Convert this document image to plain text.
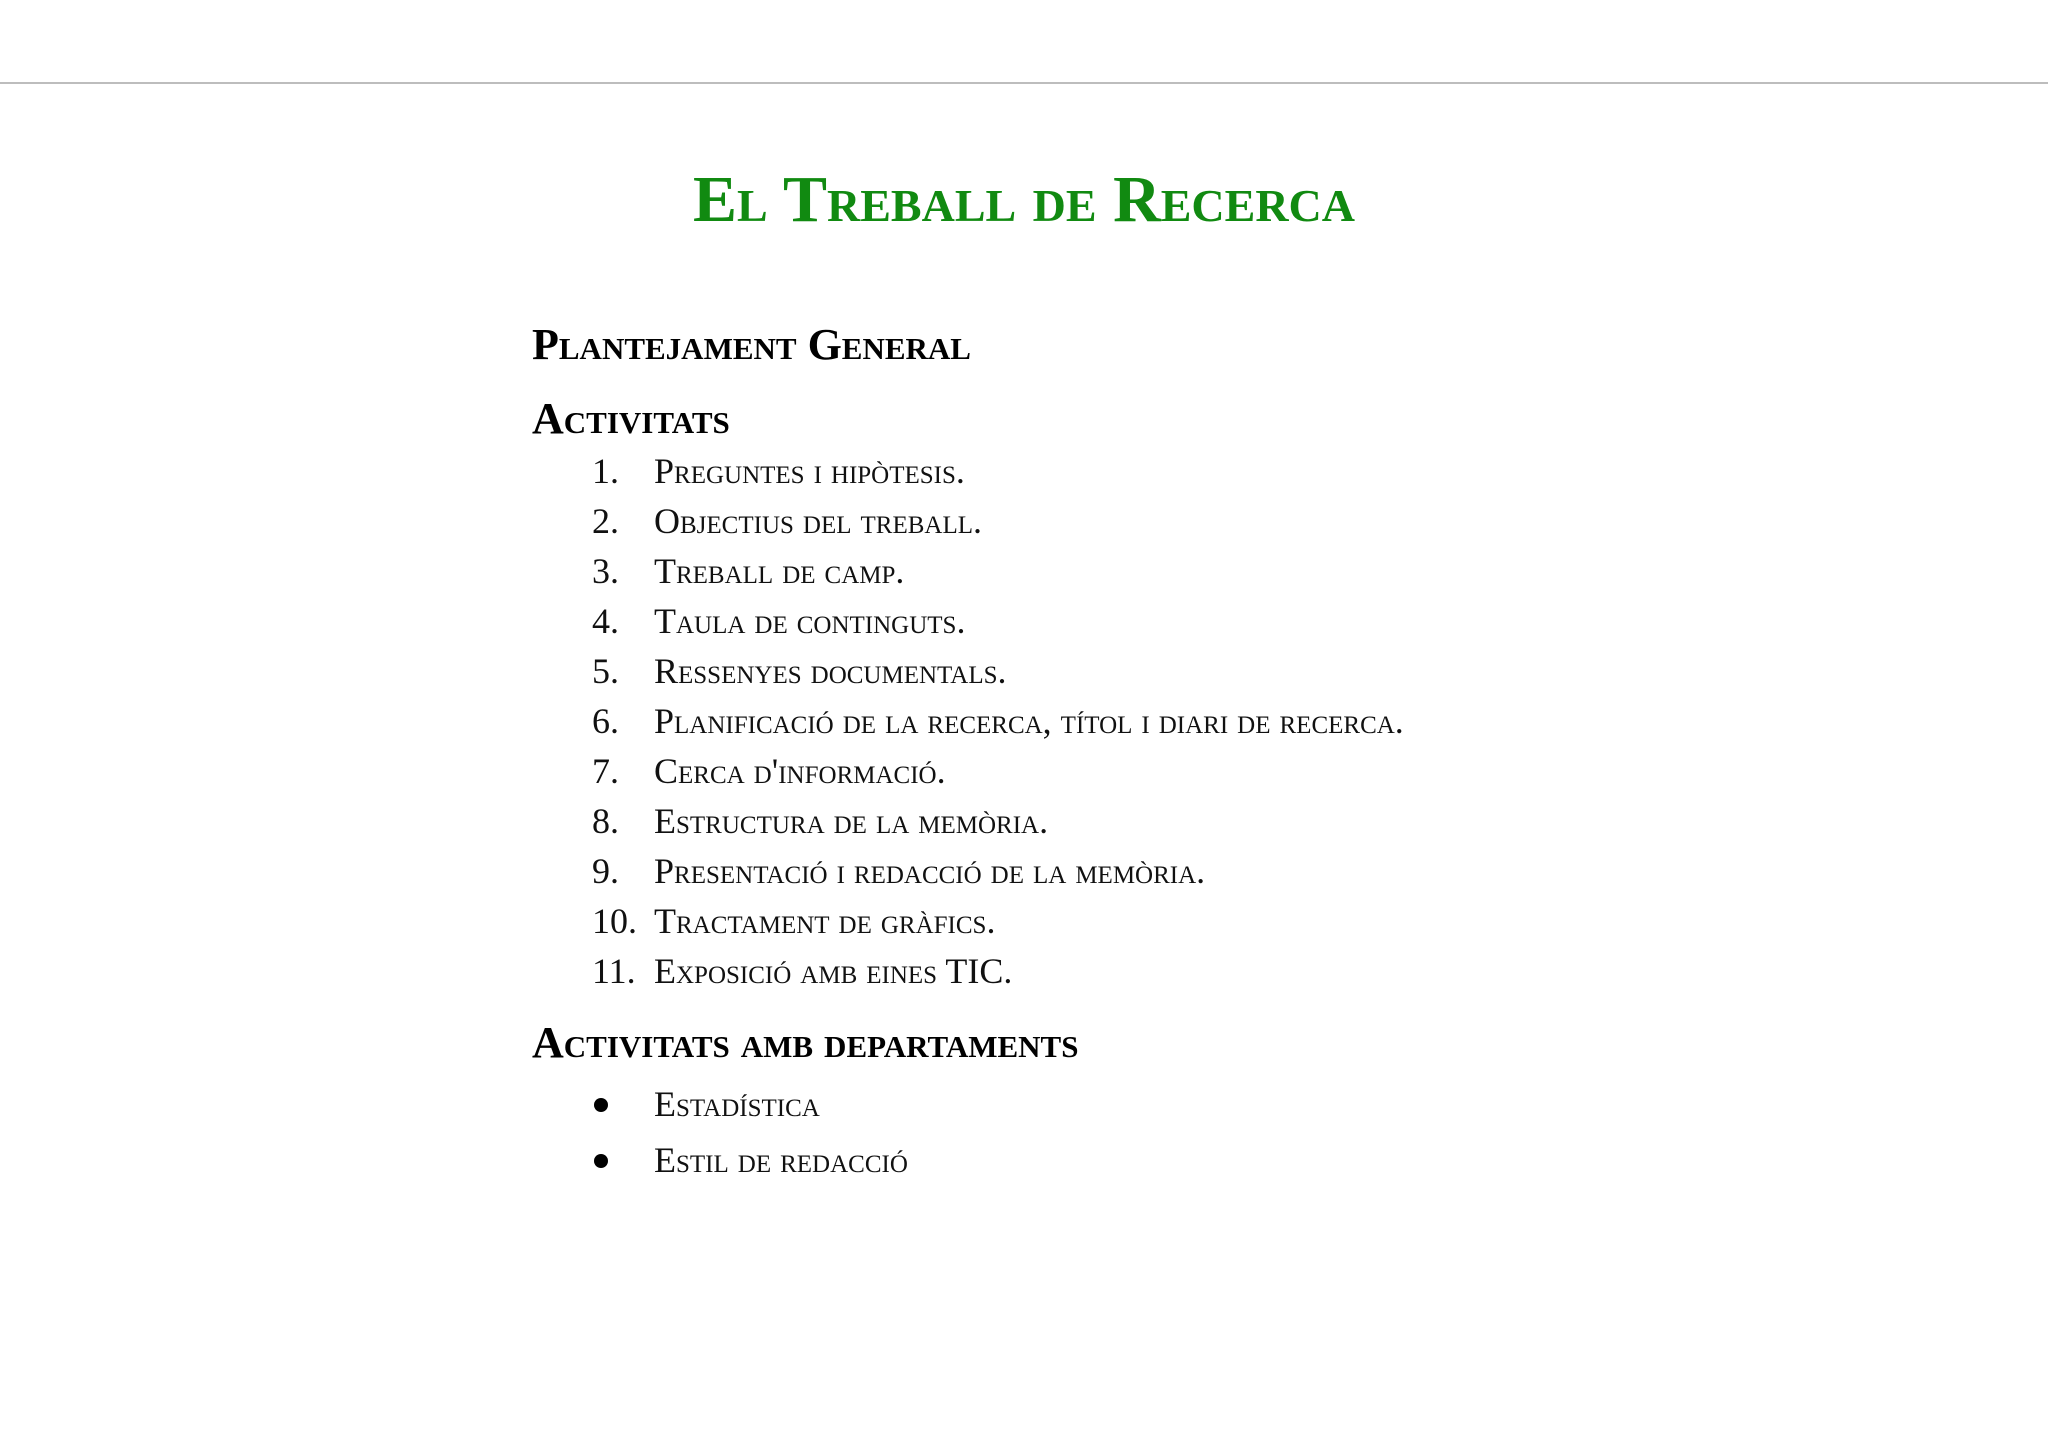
El Treball de Recerca
Plantejament General
Activitats
1. Preguntes i hipòtesis.
2. Objectius del treball.
3. Treball de camp.
4. Taula de continguts.
5. Ressenyes documentals.
6. Planificació de la recerca, títol i diari de recerca.
7. Cerca d'informació.
8. Estructura de la memòria.
9. Presentació i redacció de la memòria.
10. Tractament de gràfics.
11. Exposició amb eines TIC.
Activitats amb departaments
Estadística
Estil de redacció
